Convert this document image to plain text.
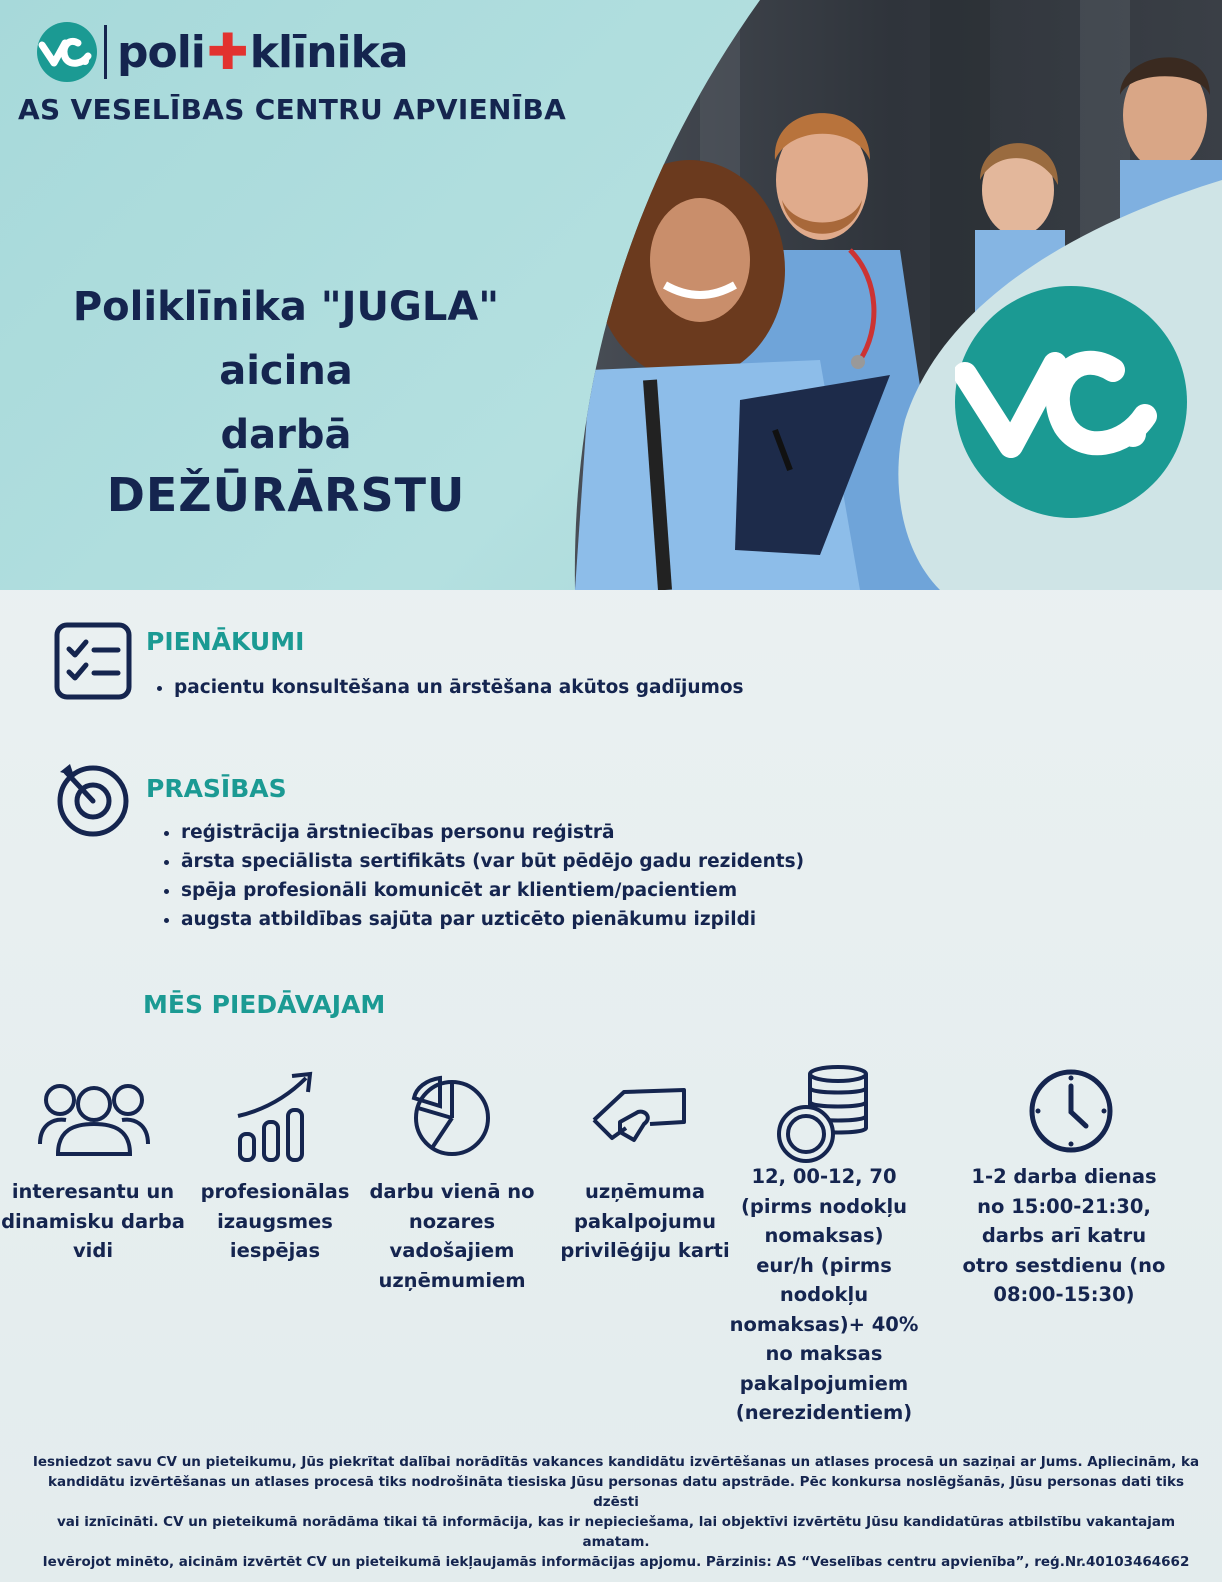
VCA
poli ✚ klīnika
AS VESELĪBAS CENTRU APVIENĪBA
Poliklīnika "JUGLA" aicina
darbā
DEŽŪRĀRSTU
PIENĀKUMI
• pacientu konsultēšana un ārstēšana akūtos gadījumos
PRASĪBAS
• reģistrācija ārstniecības personu reģistrā
• ārsta speciālista sertifikāts (var būt pēdējo gadu rezidents)
• spēja profesionāli komunicēt ar klientiem/pacientiem
• augsta atbildības sajūta par uzticēto pienākumu izpildi
MĒS PIEDĀVAJAM
interesantu un
dinamisku darba
vidi
profesionālas
izaugsmes
iespējas
darbu vienā no
nozares vadošajiem
uzņēmumiem
uzņēmuma
pakalpojumu
privilēģiju karti
12, 00-12, 70
(pirms nodokļu
nomaksas)
eur/h (pirms
nodokļu
nomaksas)+ 40%
no maksas
pakalpojumiem
(nerezidentiem)
1-2 darba dienas
no 15:00-21:30,
darbs arī katru
otro sestdienu (no
08:00-15:30)
Iesniedzot savu CV un pieteikumu, Jūs piekrītat dalībai norādītās vakances kandidātu izvērtēšanas un atlases procesā un saziņai ar Jums. Apliecinām, ka
kandidātu izvērtēšanas un atlases procesā tiks nodrošināta tiesiska Jūsu personas datu apstrāde. Pēc konkursa noslēgšanās, Jūsu personas dati tiks dzēsti
vai iznīcināti. CV un pieteikumā norādāma tikai tā informācija, kas ir nepieciešama, lai objektīvi izvērtētu Jūsu kandidatūras atbilstību vakantajam amatam.
Ievērojot minēto, aicinām izvērtēt CV un pieteikumā iekļaujamās informācijas apjomu. Pārzinis: AS “Veselības centru apvienība”, reģ.Nr.40103464662
